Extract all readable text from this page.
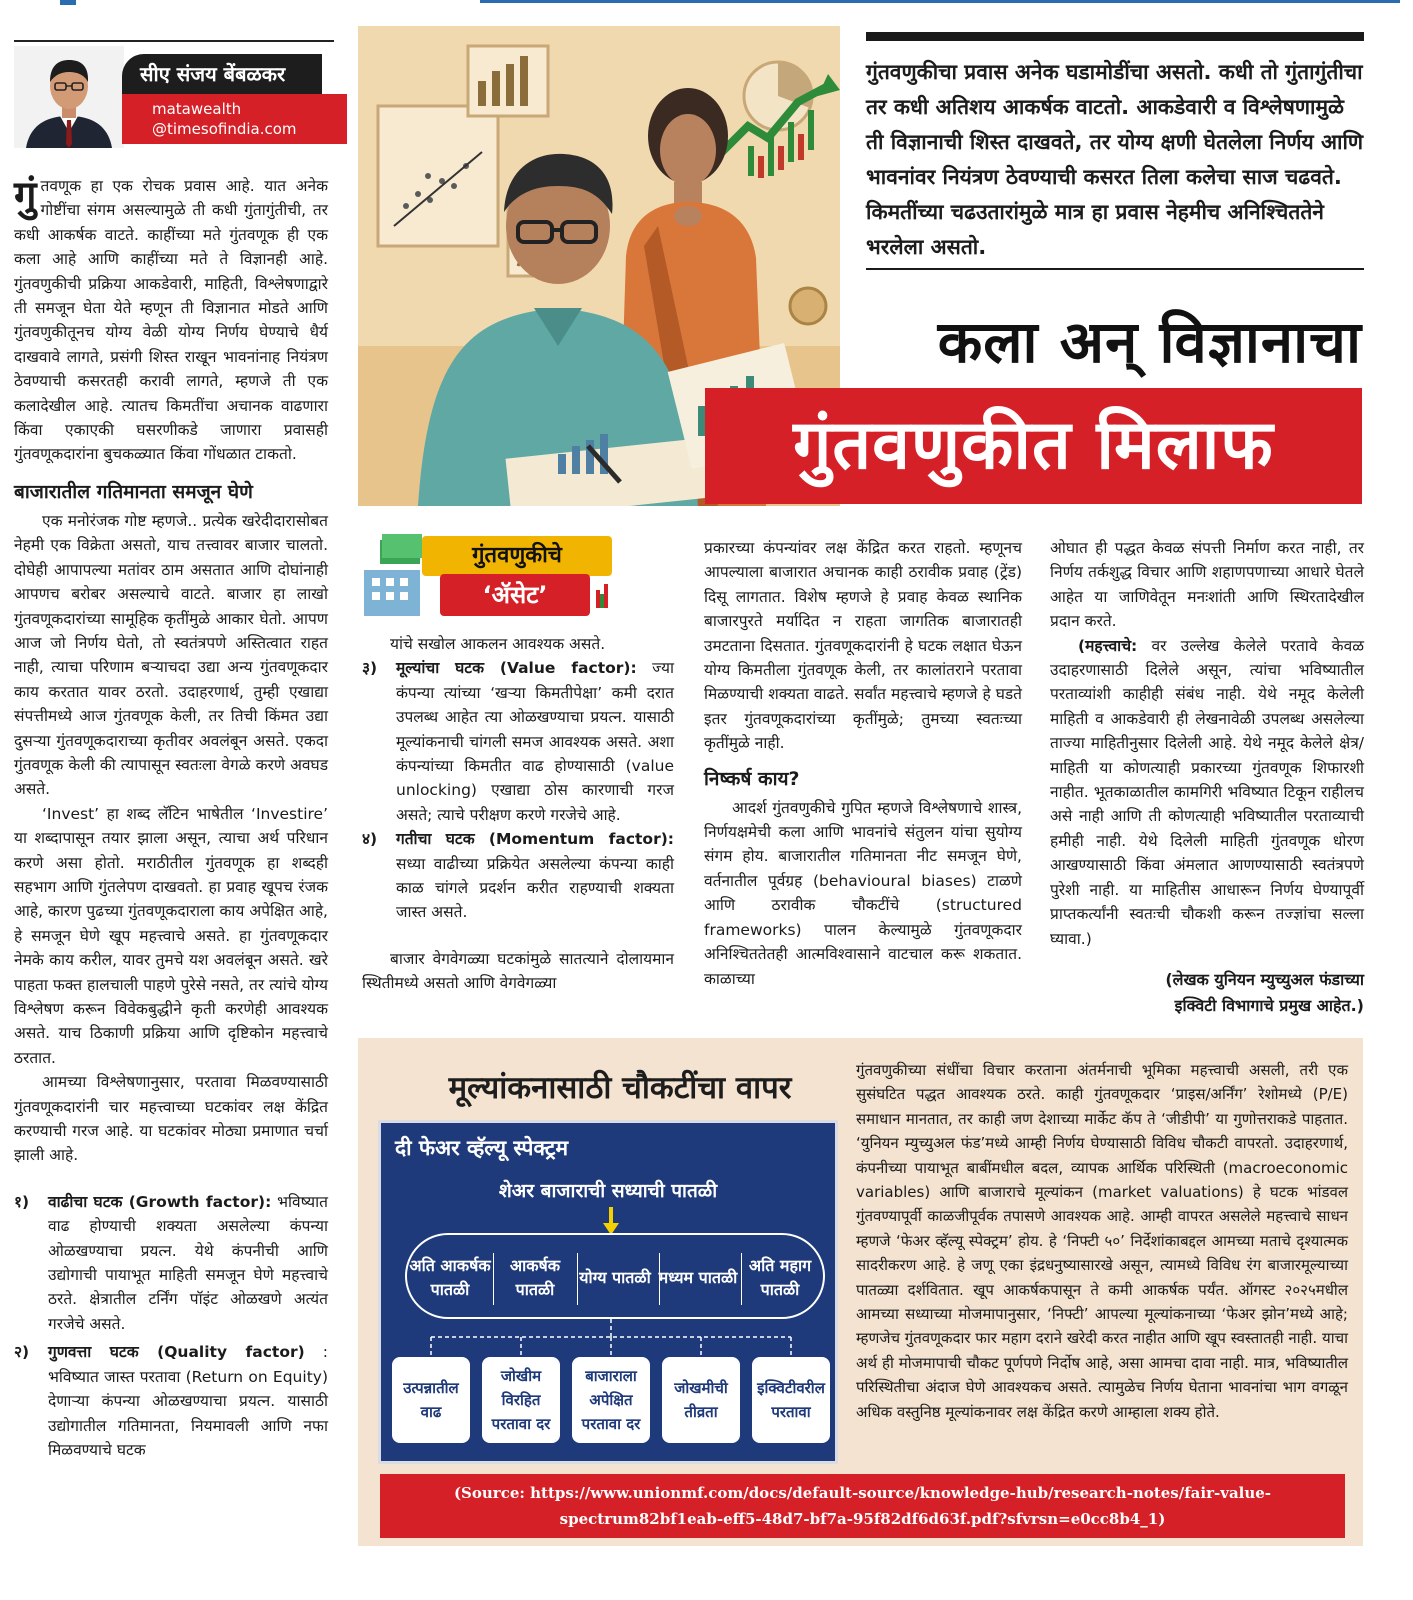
सीए संजय बेंबळकर
matawealth
@timesofindia.com

गुंतवणूक हा एक रोचक प्रवास आहे. यात अनेक गोष्टींचा संगम असल्यामुळे ती कधी गुंतागुंतीची, तर कधी आकर्षक वाटते. काहींच्या मते गुंतवणूक ही एक कला आहे आणि काहींच्या मते ते विज्ञानही आहे. गुंतवणुकीची प्रक्रिया आकडेवारी, माहिती, विश्लेषणाद्वारे ती समजून घेता येते म्हणून ती विज्ञानात मोडते आणि गुंतवणुकीतूनच योग्य वेळी योग्य निर्णय घेण्याचे धैर्य दाखवावे लागते, प्रसंगी शिस्त राखून भावनांनाह नियंत्रण ठेवण्याची कसरतही करावी लागते, म्हणजे ती एक कलादेखील आहे. त्यातच किमतींचा अचानक वाढणारा किंवा एकाएकी घसरणीकडे जाणारा प्रवासही गुंतवणूकदारांना बुचकळ्यात किंवा गोंधळात टाकतो.

बाजारातील गतिमानता समजून घेणे

एक मनोरंजक गोष्ट म्हणजे.. प्रत्येक खरेदीदारासोबत नेहमी एक विक्रेता असतो, याच तत्त्वावर बाजार चालतो. दोघेही आपापल्या मतांवर ठाम असतात आणि दोघांनाही आपणच बरोबर असल्याचे वाटते. बाजार हा लाखो गुंतवणूकदारांच्या सामूहिक कृतींमुळे आकार घेतो. आपण आज जो निर्णय घेतो, तो स्वतंत्रपणे अस्तित्वात राहत नाही, त्याचा परिणाम बऱ्याचदा उद्या अन्य गुंतवणूकदार काय करतात यावर ठरतो. उदाहरणार्थ, तुम्ही एखाद्या संपत्तीमध्ये आज गुंतवणूक केली, तर तिची किंमत उद्या दुसऱ्या गुंतवणूकदाराच्या कृतीवर अवलंबून असते. एकदा गुंतवणूक केली की त्यापासून स्वतःला वेगळे करणे अवघड असते.

‘Invest’ हा शब्द लॅटिन भाषेतील ‘Investire’ या शब्दापासून तयार झाला असून, त्याचा अर्थ परिधान करणे असा होतो. मराठीतील गुंतवणूक हा शब्दही सहभाग आणि गुंतलेपण दाखवतो. हा प्रवाह खूपच रंजक आहे, कारण पुढच्या गुंतवणूकदाराला काय अपेक्षित आहे, हे समजून घेणे खूप महत्त्वाचे असते. हा गुंतवणूकदार नेमके काय करील, यावर तुमचे यश अवलंबून असते. खरे पाहता फक्त हालचाली पाहणे पुरेसे नसते, तर त्यांचे योग्य विश्लेषण करून विवेकबुद्धीने कृती करणेही आवश्यक असते. याच ठिकाणी प्रक्रिया आणि दृष्टिकोन महत्त्वाचे ठरतात.

आमच्या विश्लेषणानुसार, परतावा मिळवण्यासाठी गुंतवणूकदारांनी चार महत्त्वाच्या घटकांवर लक्ष केंद्रित करण्याची गरज आहे. या घटकांवर मोठ्या प्रमाणात चर्चा झाली आहे.

१)	वाढीचा घटक (Growth factor): भविष्यात वाढ होण्याची शक्यता असलेल्या कंपन्या ओळखण्याचा प्रयत्न. येथे कंपनीची आणि उद्योगाची पायाभूत माहिती समजून घेणे महत्त्वाचे ठरते. क्षेत्रातील टर्निंग पॉइंट ओळखणे अत्यंत गरजेचे असते.
२)	गुणवत्ता घटक (Quality factor) : भविष्यात जास्त परतावा (Return on Equity) देणाऱ्या कंपन्या ओळखण्याचा प्रयत्न. यासाठी उद्योगातील गतिमानता, नियमावली आणि नफा मिळवण्याचे घटक
गुंतवणुकीचा प्रवास अनेक घडामोडींचा असतो. कधी तो गुंतागुंतीचा तर कधी अतिशय आकर्षक वाटतो. आकडेवारी व विश्लेषणामुळे ती विज्ञानाची शिस्त दाखवते, तर योग्य क्षणी घेतलेला निर्णय आणि भावनांवर नियंत्रण ठेवण्याची कसरत तिला कलेचा साज चढवते. किमतींच्या चढउतारांमुळे मात्र हा प्रवास नेहमीच अनिश्चिततेने भरलेला असतो.
कला अन् विज्ञानाचा
गुंतवणुकीत मिलाफ
गुंतवणुकीचे
‘ॲसेट’

यांचे सखोल आकलन आवश्यक असते.

३)	मूल्यांचा घटक (Value factor): ज्या कंपन्या त्यांच्या ‘खऱ्या किमतीपेक्षा’ कमी दरात उपलब्ध आहेत त्या ओळखण्याचा प्रयत्न. यासाठी मूल्यांकनाची चांगली समज आवश्यक असते. अशा कंपन्यांच्या किमतीत वाढ होण्यासाठी (value unlocking) एखाद्या ठोस कारणाची गरज असते; त्याचे परीक्षण करणे गरजेचे आहे.
४)	गतीचा घटक (Momentum factor): सध्या वाढीच्या प्रक्रियेत असलेल्या कंपन्या काही काळ चांगले प्रदर्शन करीत राहण्याची शक्यता जास्त असते.

बाजार वेगवेगळ्या घटकांमुळे सातत्याने दोलायमान स्थितीमध्ये असतो आणि वेगवेगळ्या

प्रकारच्या कंपन्यांवर लक्ष केंद्रित करत राहतो. म्हणूनच आपल्याला बाजारात अचानक काही ठरावीक प्रवाह (ट्रेंड) दिसू लागतात. विशेष म्हणजे हे प्रवाह केवळ स्थानिक बाजारपुरते मर्यादित न राहता जागतिक बाजारातही उमटताना दिसतात. गुंतवणूकदारांनी हे घटक लक्षात घेऊन योग्य किमतीला गुंतवणूक केली, तर कालांतराने परतावा मिळण्याची शक्यता वाढते. सर्वांत महत्त्वाचे म्हणजे हे घडते इतर गुंतवणूकदारांच्या कृतींमुळे; तुमच्या स्वतःच्या कृतींमुळे नाही.

निष्कर्ष काय?

आदर्श गुंतवणुकीचे गुपित म्हणजे विश्लेषणाचे शास्त्र, निर्णयक्षमेची कला आणि भावनांचे संतुलन यांचा सुयोग्य संगम होय. बाजारातील गतिमानता नीट समजून घेणे, वर्तनातील पूर्वग्रह (behavioural biases) टाळणे आणि ठरावीक चौकटींचे (structured frameworks) पालन केल्यामुळे गुंतवणूकदार अनिश्चिततेतही आत्मविश्वासाने वाटचाल करू शकतात. काळाच्या

ओघात ही पद्धत केवळ संपत्ती निर्माण करत नाही, तर निर्णय तर्कशुद्ध विचार आणि शहाणपणाच्या आधारे घेतले आहेत या जाणिवेतून मनःशांती आणि स्थिरतादेखील प्रदान करते.

(महत्त्वाचे: वर उल्लेख केलेले परतावे केवळ उदाहरणासाठी दिलेले असून, त्यांचा भविष्यातील परताव्यांशी काहीही संबंध नाही. येथे नमूद केलेली माहिती व आकडेवारी ही लेखनावेळी उपलब्ध असलेल्या ताज्या माहितीनुसार दिलेली आहे. येथे नमूद केलेले क्षेत्र/माहिती या कोणत्याही प्रकारच्या गुंतवणूक शिफारशी नाहीत. भूतकाळातील कामगिरी भविष्यात टिकून राहीलच असे नाही आणि ती कोणत्याही भविष्यातील परताव्याची हमीही नाही. येथे दिलेली माहिती गुंतवणूक धोरण आखण्यासाठी किंवा अंमलात आणण्यासाठी स्वतंत्रपणे पुरेशी नाही. या माहितीस आधारून निर्णय घेण्यापूर्वी प्राप्तकर्त्यांनी स्वतःची चौकशी करून तज्ज्ञांचा सल्ला घ्यावा.)

(लेखक युनियन म्युच्युअल फंडाच्या

इक्विटी विभागाचे प्रमुख आहेत.)

मूल्यांकनासाठी चौकटींचा वापर
दी फेअर व्हॅल्यू स्पेक्ट्रम
शेअर बाजाराची सध्याची पातळी
अति आकर्षक पातळी
आकर्षक पातळी
योग्य पातळी मध्यम पातळी
अति महाग पातळी
उत्पन्नातील वाढ
जोखीम विरहित परतावा दर
बाजाराला अपेक्षित परतावा दर
जोखमीची तीव्रता
इक्विटीवरील परतावा
गुंतवणुकीच्या संधींचा विचार करताना अंतर्मनाची भूमिका महत्त्वाची असली, तरी एक सुसंघटित पद्धत आवश्यक ठरते. काही गुंतवणूकदार ‘प्राइस/अर्निंग’ रेशोमध्ये (P/E) समाधान मानतात, तर काही जण देशाच्या मार्केट कॅप ते ‘जीडीपी’ या गुणोत्तराकडे पाहतात. ‘युनियन म्युच्युअल फंड’मध्ये आम्ही निर्णय घेण्यासाठी विविध चौकटी वापरतो. उदाहरणार्थ, कंपनीच्या पायाभूत बाबींमधील बदल, व्यापक आर्थिक परिस्थिती (macroeconomic variables) आणि बाजाराचे मूल्यांकन (market valuations) हे घटक भांडवल गुंतवण्यापूर्वी काळजीपूर्वक तपासणे आवश्यक आहे. आम्ही वापरत असलेले महत्त्वाचे साधन म्हणजे ‘फेअर व्हॅल्यू स्पेक्ट्रम’ होय. हे ‘निफ्टी ५०’ निर्देशांकाबद्दल आमच्या मताचे दृश्यात्मक सादरीकरण आहे. हे जणू एका इंद्रधनुष्यासारखे असून, त्यामध्ये विविध रंग बाजारमूल्याच्या पातळ्या दर्शवितात. खूप आकर्षकपासून ते कमी आकर्षक पर्यंत. ऑगस्ट २०२५मधील आमच्या सध्याच्या मोजमापानुसार, ‘निफ्टी’ आपल्या मूल्यांकनाच्या ‘फेअर झोन’मध्ये आहे; म्हणजेच गुंतवणूकदार फार महाग दराने खरेदी करत नाहीत आणि खूप स्वस्तातही नाही. याचा अर्थ ही मोजमापाची चौकट पूर्णपणे निर्दोष आहे, असा आमचा दावा नाही. मात्र, भविष्यातील परिस्थितीचा अंदाज घेणे आवश्यकच असते. त्यामुळेच निर्णय घेताना भावनांचा भाग वगळून अधिक वस्तुनिष्ठ मूल्यांकनावर लक्ष केंद्रित करणे आम्हाला शक्य होते.
(Source: https://www.unionmf.com/docs/default-source/knowledge-hub/research-notes/fair-value-spectrum82bf1eab-eff5-48d7-bf7a-95f82df6d63f.pdf?sfvrsn=e0cc8b4_1)
